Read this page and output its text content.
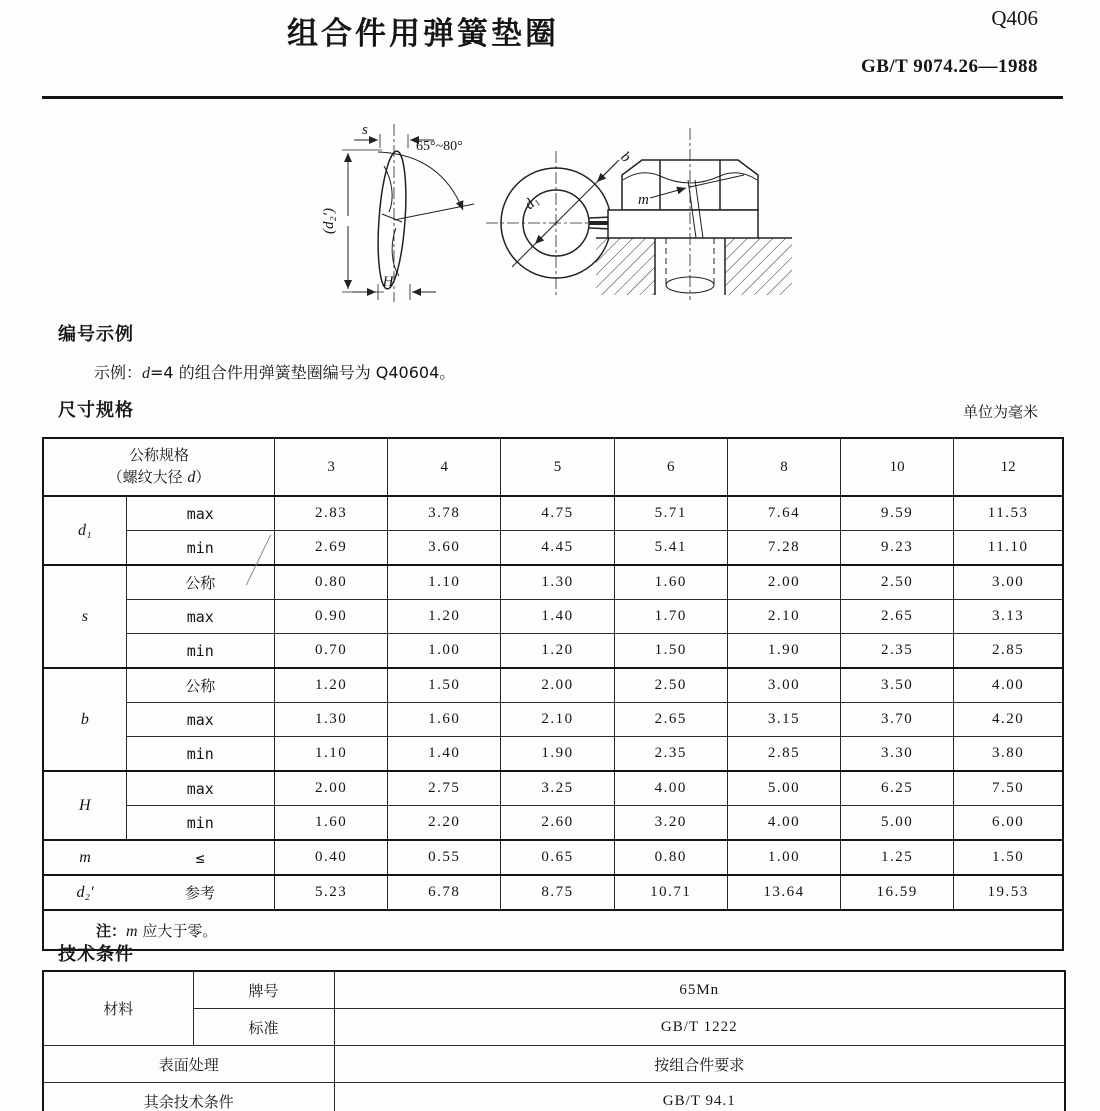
组合件用弹簧垫圈	Q406
GB/T 9074.26—1988
s
(d₂′)
H
65°~80°
b
d₁	m
编号示例
示例：d=4 的组合件用弹簧垫圈编号为 Q40604。
尺寸规格	单位为毫米
公称规格
（螺纹大径 d）		3	4	5	6	8	10	12
d₁	max	2.83	3.78	4.75	5.71	7.64	9.59	11.53
	min	2.69	3.60	4.45	5.41	7.28	9.23	11.10
s	公称	0.80	1.10	1.30	1.60	2.00	2.50	3.00
	max	0.90	1.20	1.40	1.70	2.10	2.65	3.13
	min	0.70	1.00	1.20	1.50	1.90	2.35	2.85
b	公称	1.20	1.50	2.00	2.50	3.00	3.50	4.00
	max	1.30	1.60	2.10	2.65	3.15	3.70	4.20
	min	1.10	1.40	1.90	2.35	2.85	3.30	3.80
H	max	2.00	2.75	3.25	4.00	5.00	6.25	7.50
	min	1.60	2.20	2.60	3.20	4.00	5.00	6.00
m	≤	0.40	0.55	0.65	0.80	1.00	1.25	1.50
d₂′	参考	5.23	6.78	8.75	10.71	13.64	16.59	19.53
注：m 应大于零。								
技术条件
材料	牌号	65Mn
	标准	GB/T 1222
表面处理		按组合件要求
其余技术条件		GB/T 94.1
